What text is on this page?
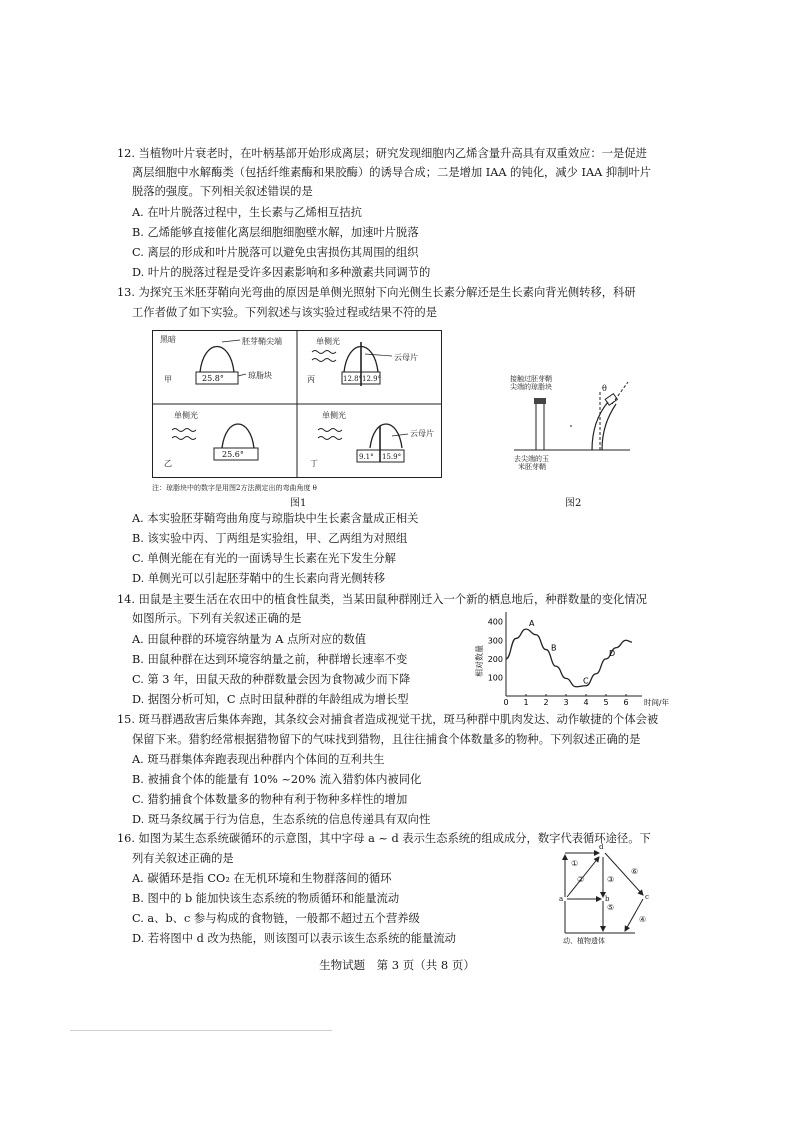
12. 当植物叶片衰老时，在叶柄基部开始形成离层；研究发现细胞内乙烯含量升高具有双重效应：一是促进
离层细胞中水解酶类（包括纤维素酶和果胶酶）的诱导合成；二是增加 IAA 的钝化，减少 IAA 抑制叶片
脱落的强度。下列相关叙述错误的是
A. 在叶片脱落过程中，生长素与乙烯相互拮抗
B. 乙烯能够直接催化离层细胞细胞壁水解，加速叶片脱落
C. 离层的形成和叶片脱落可以避免虫害损伤其周围的组织
D. 叶片的脱落过程是受许多因素影响和多种激素共同调节的
13. 为探究玉米胚芽鞘向光弯曲的原因是单侧光照射下向光侧生长素分解还是生长素向背光侧转移，科研
工作者做了如下实验。下列叙述与该实验过程或结果不符的是
黑暗	胚芽鞘尖端
琼脂块
25.8°
甲
单侧光
云母片
12.8° 12.9°
丙
单侧光
25.6°
乙
单侧光
云母片
9.1° 15.9°
丁
注：琼脂块中的数字是用图2方法测定出的弯曲角度 θ
图1
接触过胚芽鞘
尖端的琼脂块	θ
去尖端的玉
米胚芽鞘
图2
A. 本实验胚芽鞘弯曲角度与琼脂块中生长素含量成正相关
B. 该实验中丙、丁两组是实验组，甲、乙两组为对照组
C. 单侧光能在有光的一面诱导生长素在光下发生分解
D. 单侧光可以引起胚芽鞘中的生长素向背光侧转移
14. 田鼠是主要生活在农田中的植食性鼠类，当某田鼠种群刚迁入一个新的栖息地后，种群数量的变化情况
如图所示。下列有关叙述正确的是
A. 田鼠种群的环境容纳量为 A 点所对应的数值
B. 田鼠种群在达到环境容纳量之前，种群增长速率不变
C. 第 3 年，田鼠天敌的种群数量会因为食物减少而下降
D. 据图分析可知，C 点时田鼠种群的年龄组成为增长型	0 1 2 3 4 5 6
100
200
300
400
时间/年
相对数量
A
B
C
D
15. 斑马群遇敌害后集体奔跑，其条纹会对捕食者造成视觉干扰，斑马种群中肌肉发达、动作敏捷的个体会被
保留下来。猎豹经常根据猎物留下的气味找到猎物，且往往捕食个体数量多的物种。下列叙述正确的是
A. 斑马群集体奔跑表现出种群内个体间的互利共生
B. 被捕食个体的能量有 10% ~20% 流入猎豹体内被同化
C. 猎豹捕食个体数量多的物种有利于物种多样性的增加
D. 斑马条纹属于行为信息，生态系统的信息传递具有双向性
16. 如图为某生态系统碳循环的示意图，其中字母 a ~ d 表示生态系统的组成成分，数字代表循环途径。下
列有关叙述正确的是
A. 碳循环是指 CO₂ 在无机环境和生物群落间的循环
B. 图中的 b 能加快该生态系统的物质循环和能量流动
C. a、b、c 参与构成的食物链，一般都不超过五个营养级
D. 若将图中 d 改为热能，则该图可以表示该生态系统的能量流动
d
a	b	c
①
②	③
④
⑤
⑥
动、植物遗体
生物试题　第 3 页（共 8 页）
